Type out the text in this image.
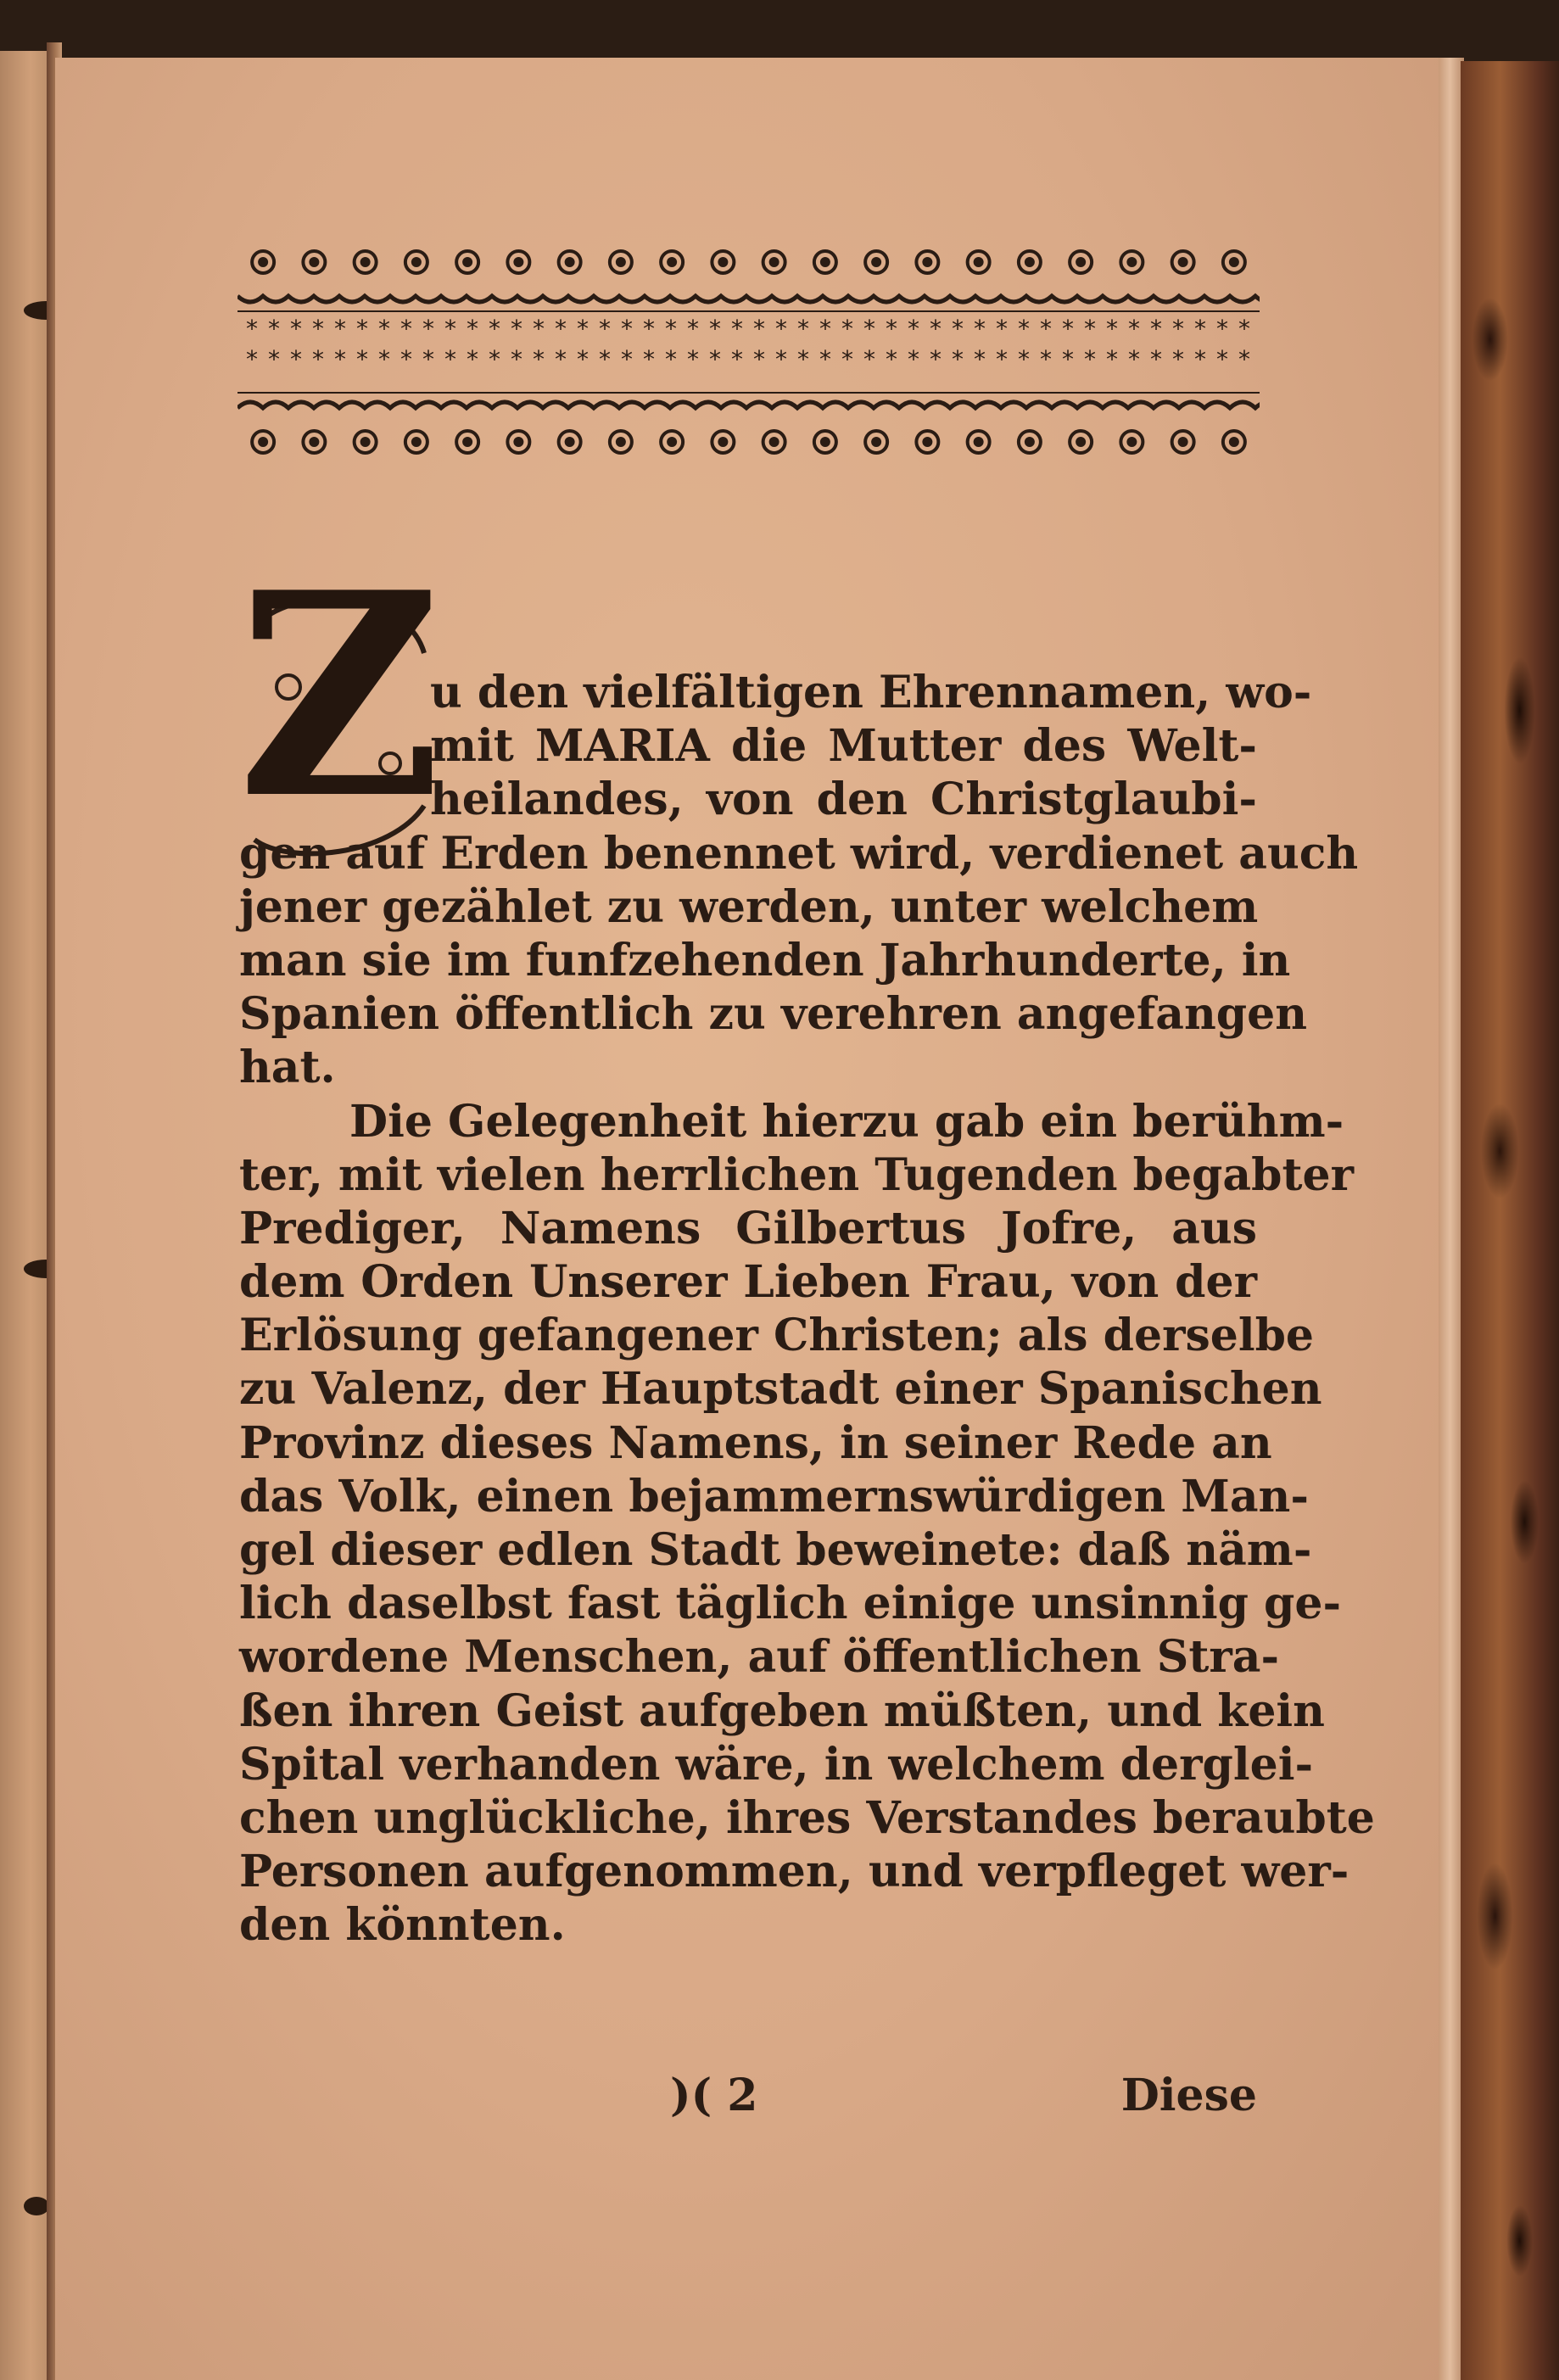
* * * * * * * * * * * * * * * * * * * * * * * * * * * * * * * * * * * * * * * * * * * * * *
* * * * * * * * * * * * * * * * * * * * * * * * * * * * * * * * * * * * * * * * * * * * * *
Z
u den vielfältigen Ehrennamen, wo-
mit MARIA die Mutter des Welt-
heilandes, von den Christglaubi-
gen auf Erden benennet wird, verdienet auch
jener gezählet zu werden, unter welchem
man sie im funfzehenden Jahrhunderte, in
Spanien öffentlich zu verehren angefangen
hat.
Die Gelegenheit hierzu gab ein berühm-
ter, mit vielen herrlichen Tugenden begabter
Prediger, Namens Gilbertus Jofre, aus
dem Orden Unserer Lieben Frau, von der
Erlösung gefangener Christen; als derselbe
zu Valenz, der Hauptstadt einer Spanischen
Provinz dieses Namens, in seiner Rede an
das Volk, einen bejammernswürdigen Man-
gel dieser edlen Stadt beweinete: daß näm-
lich daselbst fast täglich einige unsinnig ge-
wordene Menschen, auf öffentlichen Stra-
ßen ihren Geist aufgeben müßten, und kein
Spital verhanden wäre, in welchem derglei-
chen unglückliche, ihres Verstandes beraubte
Personen aufgenommen, und verpfleget wer-
den könnten.
)( 2	Diese
